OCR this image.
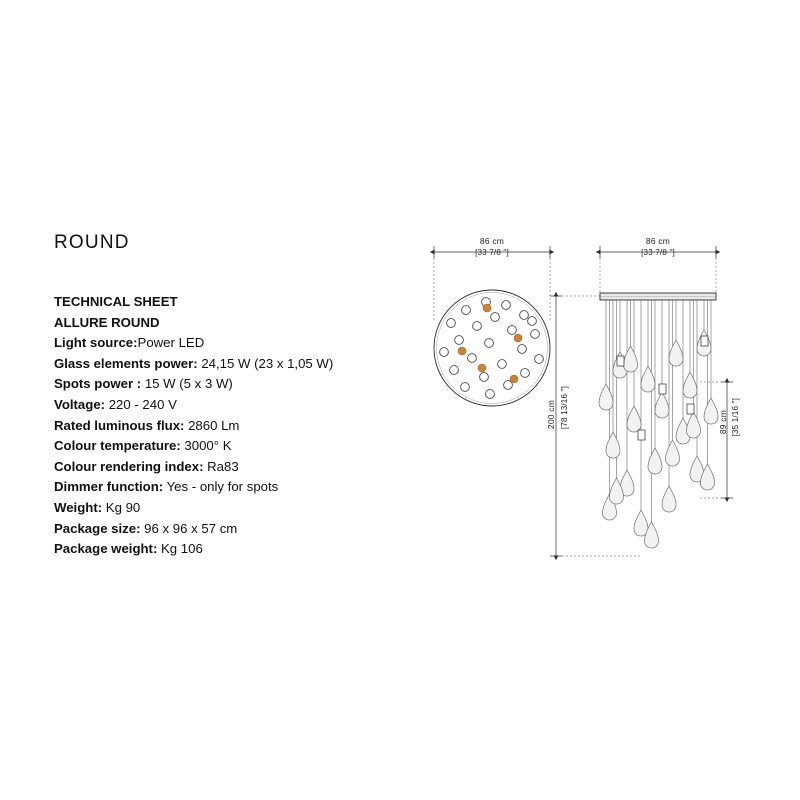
ROUND
TECHNICAL SHEET
ALLURE ROUND
Light source:Power LED
Glass elements power: 24,15 W (23 x 1,05 W)
Spots power : 15 W (5 x 3 W)
Voltage: 220 - 240 V
Rated luminous flux: 2860 Lm
Colour temperature: 3000° K
Colour rendering index: Ra83
Dimmer function: Yes - only for spots
Weight: Kg 90
Package size: 96 x 96 x 57 cm
Package weight: Kg 106
86 cm
[33 7/8 "]
86 cm
[33 7/8 "]
200 cm [78 13/16 "]	89 cm [35 1/16 "]
